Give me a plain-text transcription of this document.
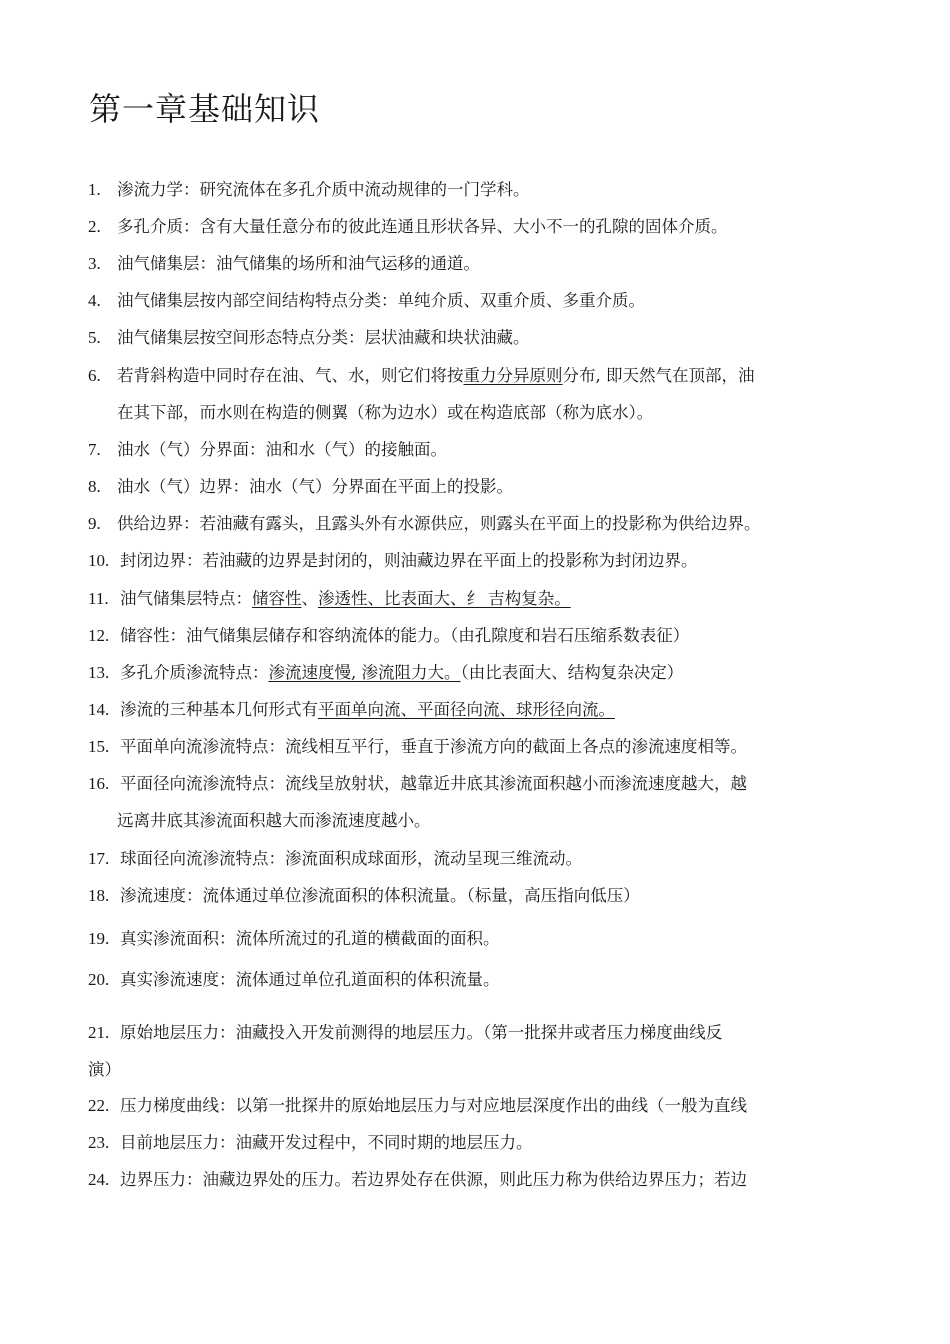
第一章基础知识
1. 渗流力学：研究流体在多孔介质中流动规律的一门学科。
2. 多孔介质：含有大量任意分布的彼此连通且形状各异、大小不一的孔隙的固体介质。
3. 油气储集层：油气储集的场所和油气运移的通道。
4. 油气储集层按内部空间结构特点分类：单纯介质、双重介质、多重介质。
5. 油气储集层按空间形态特点分类：层状油藏和块状油藏。
6. 若背斜构造中同时存在油、气、水，则它们将按重力分异原则分布, 即天然气在顶部，油
在其下部，而水则在构造的侧翼（称为边水）或在构造底部（称为底水）。
7. 油水（气）分界面：油和水（气）的接触面。
8. 油水（气）边界：油水（气）分界面在平面上的投影。
9. 供给边界：若油藏有露头，且露头外有水源供应，则露头在平面上的投影称为供给边界。
10. 封闭边界：若油藏的边界是封闭的，则油藏边界在平面上的投影称为封闭边界。
11. 油气储集层特点：储容性、渗透性、比表面大、纟 吉构复杂。
12. 储容性：油气储集层储存和容纳流体的能力。（由孔隙度和岩石压缩系数表征）
13. 多孔介质渗流特点：渗流速度慢, 渗流阻力大。（由比表面大、结构复杂决定）
14. 渗流的三种基本几何形式有平面单向流、平面径向流、球形径向流。
15. 平面单向流渗流特点：流线相互平行，垂直于渗流方向的截面上各点的渗流速度相等。
16. 平面径向流渗流特点：流线呈放射状，越靠近井底其渗流面积越小而渗流速度越大，越
远离井底其渗流面积越大而渗流速度越小。
17. 球面径向流渗流特点：渗流面积成球面形，流动呈现三维流动。
18. 渗流速度：流体通过单位渗流面积的体积流量。（标量，高压指向低压）
19. 真实渗流面积：流体所流过的孔道的横截面的面积。
20. 真实渗流速度：流体通过单位孔道面积的体积流量。
21. 原始地层压力：油藏投入开发前测得的地层压力。（第一批探井或者压力梯度曲线反
演）
22. 压力梯度曲线：以第一批探井的原始地层压力与对应地层深度作出的曲线（一般为直线
23. 目前地层压力：油藏开发过程中，不同时期的地层压力。
24. 边界压力：油藏边界处的压力。若边界处存在供源，则此压力称为供给边界压力；若边
